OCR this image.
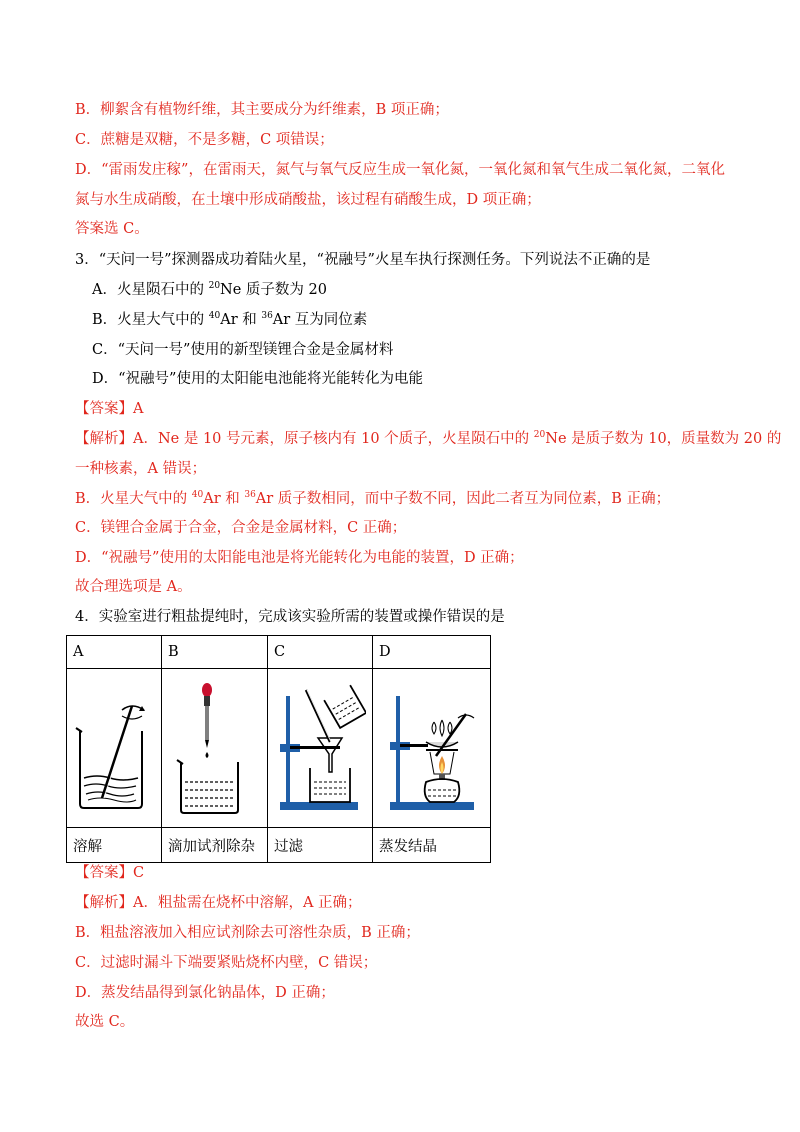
B．柳絮含有植物纤维，其主要成分为纤维素，B 项正确；
C．蔗糖是双糖，不是多糖，C 项错误；
D．“雷雨发庄稼”，在雷雨天，氮气与氧气反应生成一氧化氮，一氧化氮和氧气生成二氧化氮，二氧化
氮与水生成硝酸，在土壤中形成硝酸盐，该过程有硝酸生成，D 项正确；
答案选 C。
3．“天问一号”探测器成功着陆火星，“祝融号”火星车执行探测任务。下列说法不正确的是
A．火星陨石中的 $^{20}$Ne 质子数为 20
B．火星大气中的 $^{40}$Ar 和 $^{36}$Ar 互为同位素
C．“天问一号”使用的新型镁锂合金是金属材料
D．“祝融号”使用的太阳能电池能将光能转化为电能
【答案】A
【解析】A．Ne 是 10 号元素，原子核内有 10 个质子，火星陨石中的 $^{20}$Ne 是质子数为 10，质量数为 20 的
一种核素，A 错误；
B．火星大气中的 $^{40}$Ar 和 $^{36}$Ar 质子数相同，而中子数不同，因此二者互为同位素，B 正确；
C．镁锂合金属于合金，合金是金属材料，C 正确；
D．“祝融号”使用的太阳能电池是将光能转化为电能的装置，D 正确；
故合理选项是 A。
4．实验室进行粗盐提纯时，完成该实验所需的装置或操作错误的是
A	B	C	D

溶解	滴加试剂除杂	过滤	蒸发结晶
【答案】C
【解析】A．粗盐需在烧杯中溶解，A 正确；
B．粗盐溶液加入相应试剂除去可溶性杂质，B 正确；
C．过滤时漏斗下端要紧贴烧杯内壁，C 错误；
D．蒸发结晶得到氯化钠晶体，D 正确；
故选 C。
